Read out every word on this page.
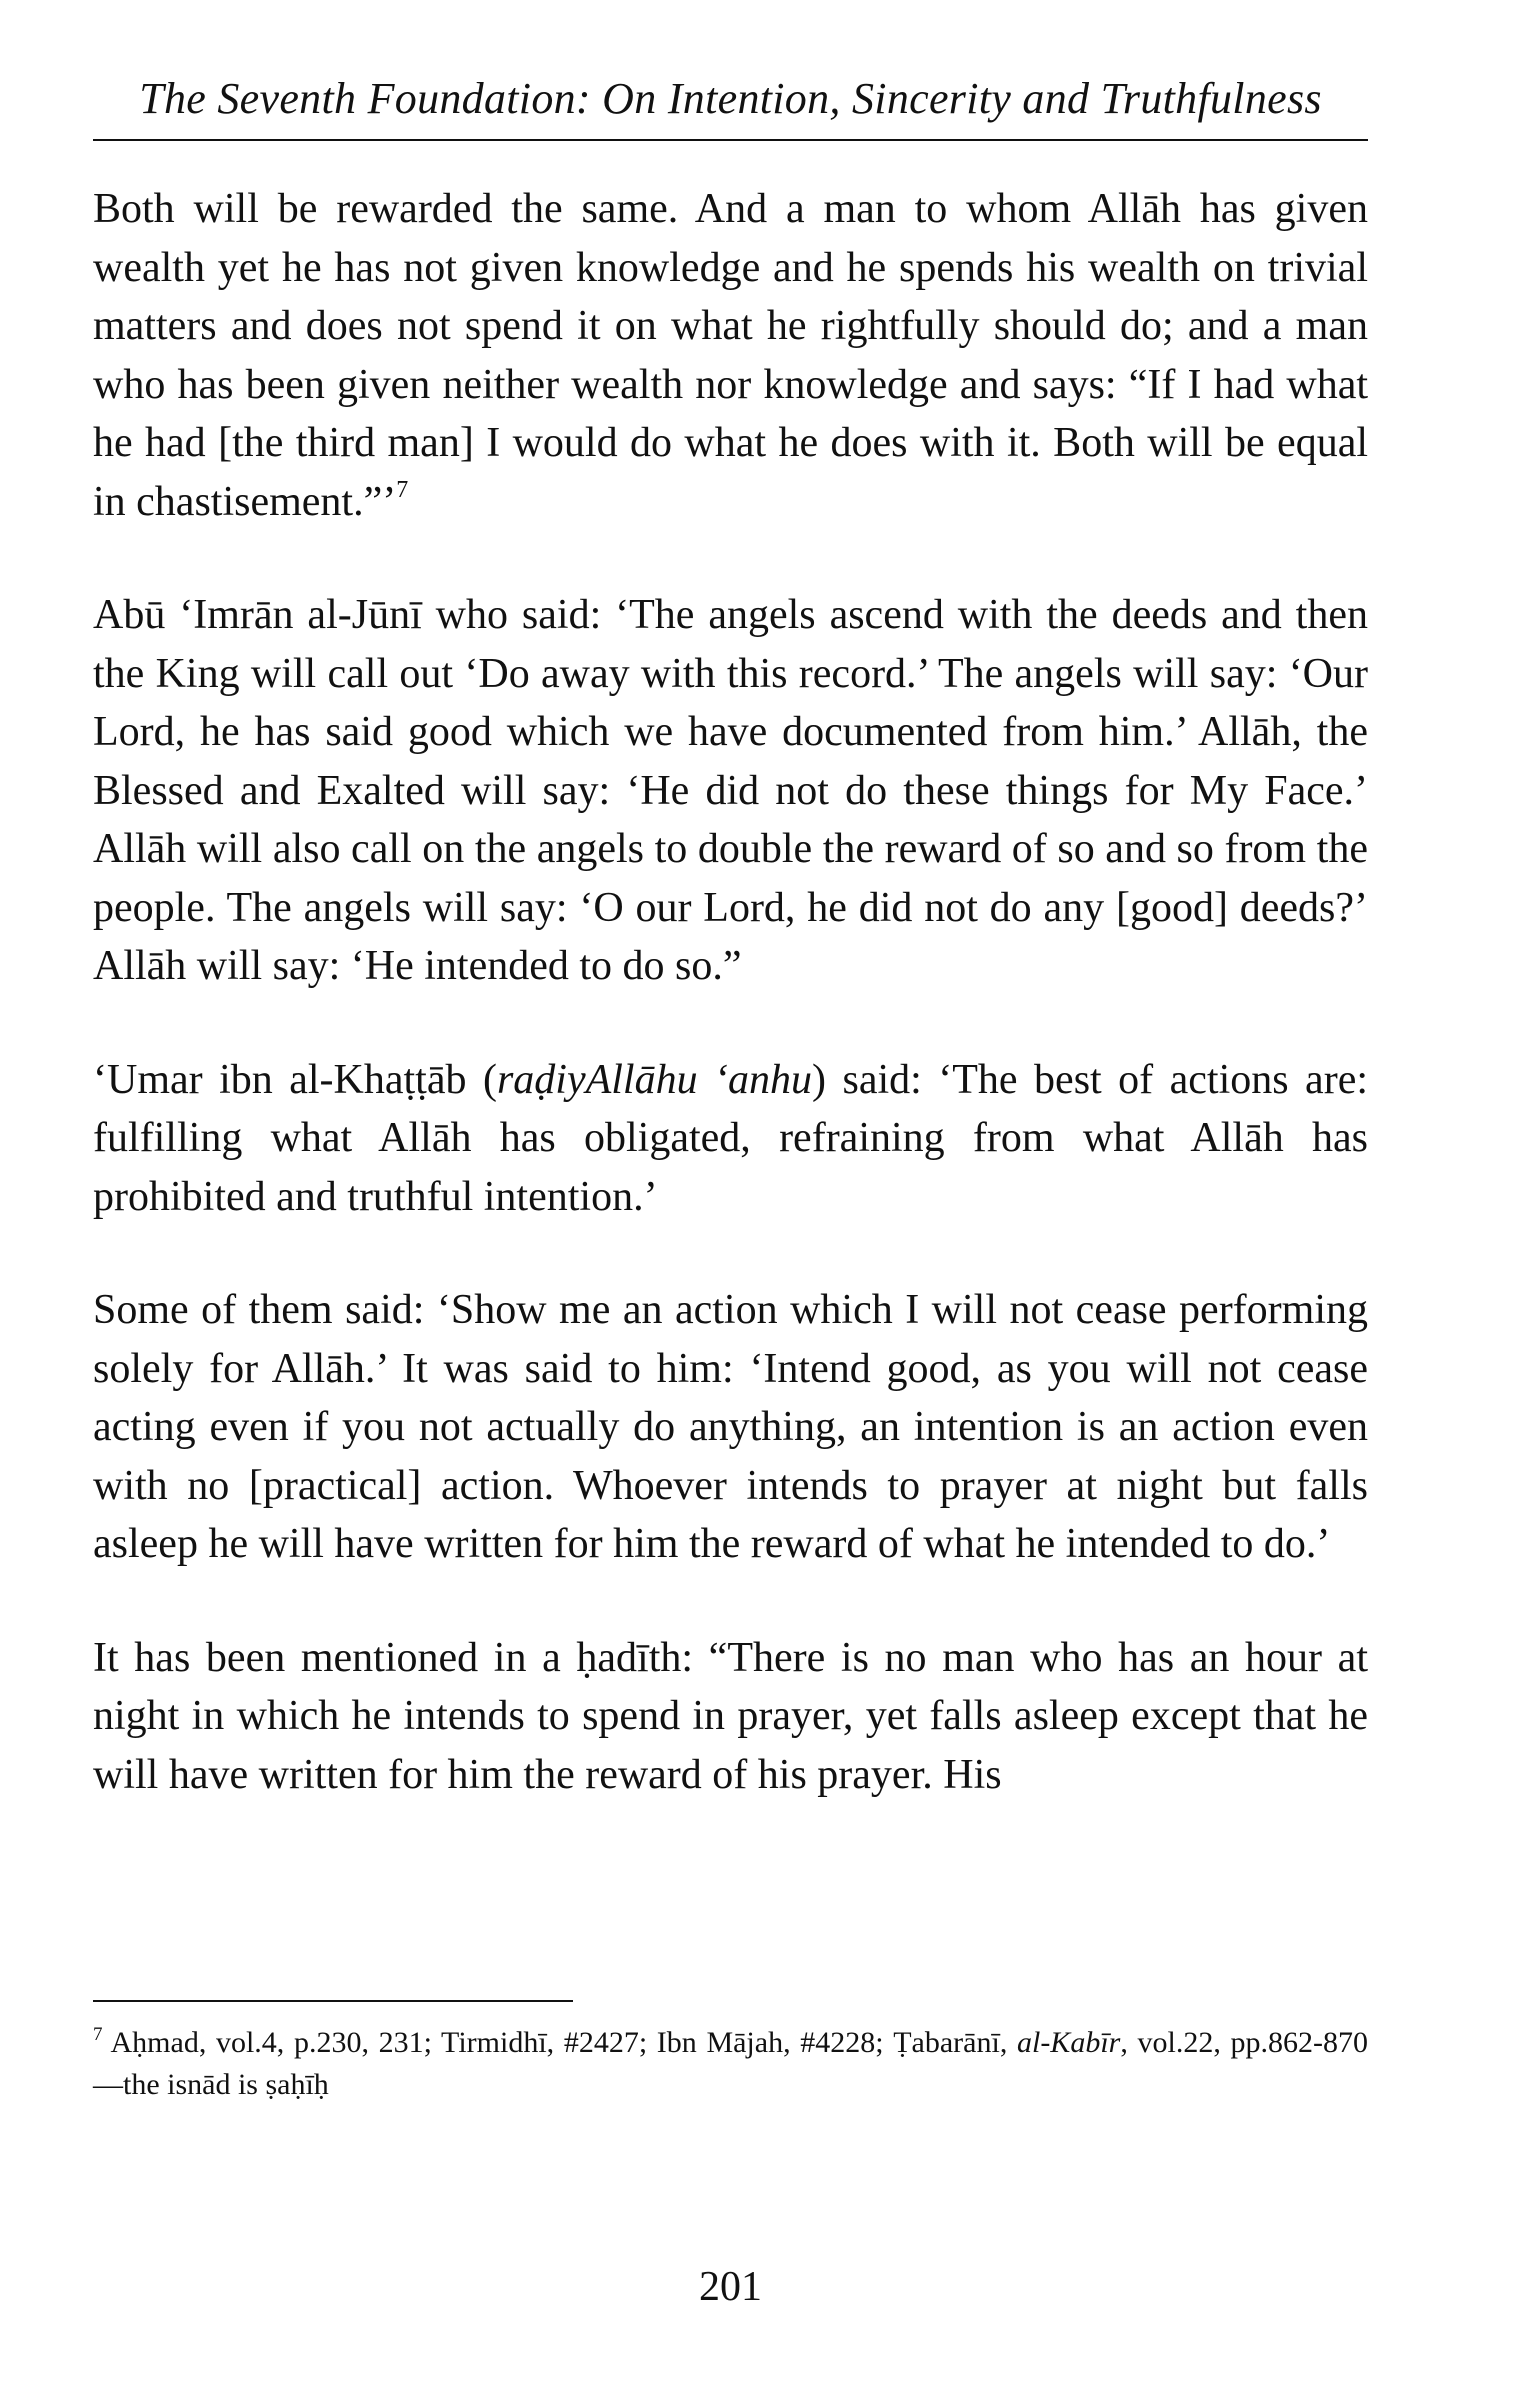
The Seventh Foundation: On Intention, Sincerity and Truthfulness

Both will be rewarded the same. And a man to whom Allāh has given wealth yet he has not given knowledge and he spends his wealth on trivial matters and does not spend it on what he rightfully should do; and a man who has been given neither wealth nor knowledge and says: “If I had what he had [the third man] I would do what he does with it. Both will be equal in chastisement.”’$^7$

Abū ‘Imrān al-Jūnī who said: ‘The angels ascend with the deeds and then the King will call out ‘Do away with this record.’ The angels will say: ‘Our Lord, he has said good which we have documented from him.’ Allāh, the Blessed and Exalted will say: ‘He did not do these things for My Face.’ Allāh will also call on the angels to double the reward of so and so from the people. The angels will say: ‘O our Lord, he did not do any [good] deeds?’ Allāh will say: ‘He intended to do so.”

‘Umar ibn al-Khaṭṭāb (raḍiyAllāhu ‘anhu) said: ‘The best of actions are: fulfilling what Allāh has obligated, refraining from what Allāh has prohibited and truthful intention.’

Some of them said: ‘Show me an action which I will not cease performing solely for Allāh.’ It was said to him: ‘Intend good, as you will not cease acting even if you not actually do anything, an intention is an action even with no [practical] action. Whoever intends to prayer at night but falls asleep he will have written for him the reward of what he intended to do.’

It has been mentioned in a ḥadīth: “There is no man who has an hour at night in which he intends to spend in prayer, yet falls asleep except that he will have written for him the reward of his prayer. His

$^7$ Aḥmad, vol.4, p.230, 231; Tirmidhī, #2427; Ibn Mājah, #4228; Ṭabarānī, al-Kabīr, vol.22, pp.862-870—the isnād is ṣaḥīḥ
201
